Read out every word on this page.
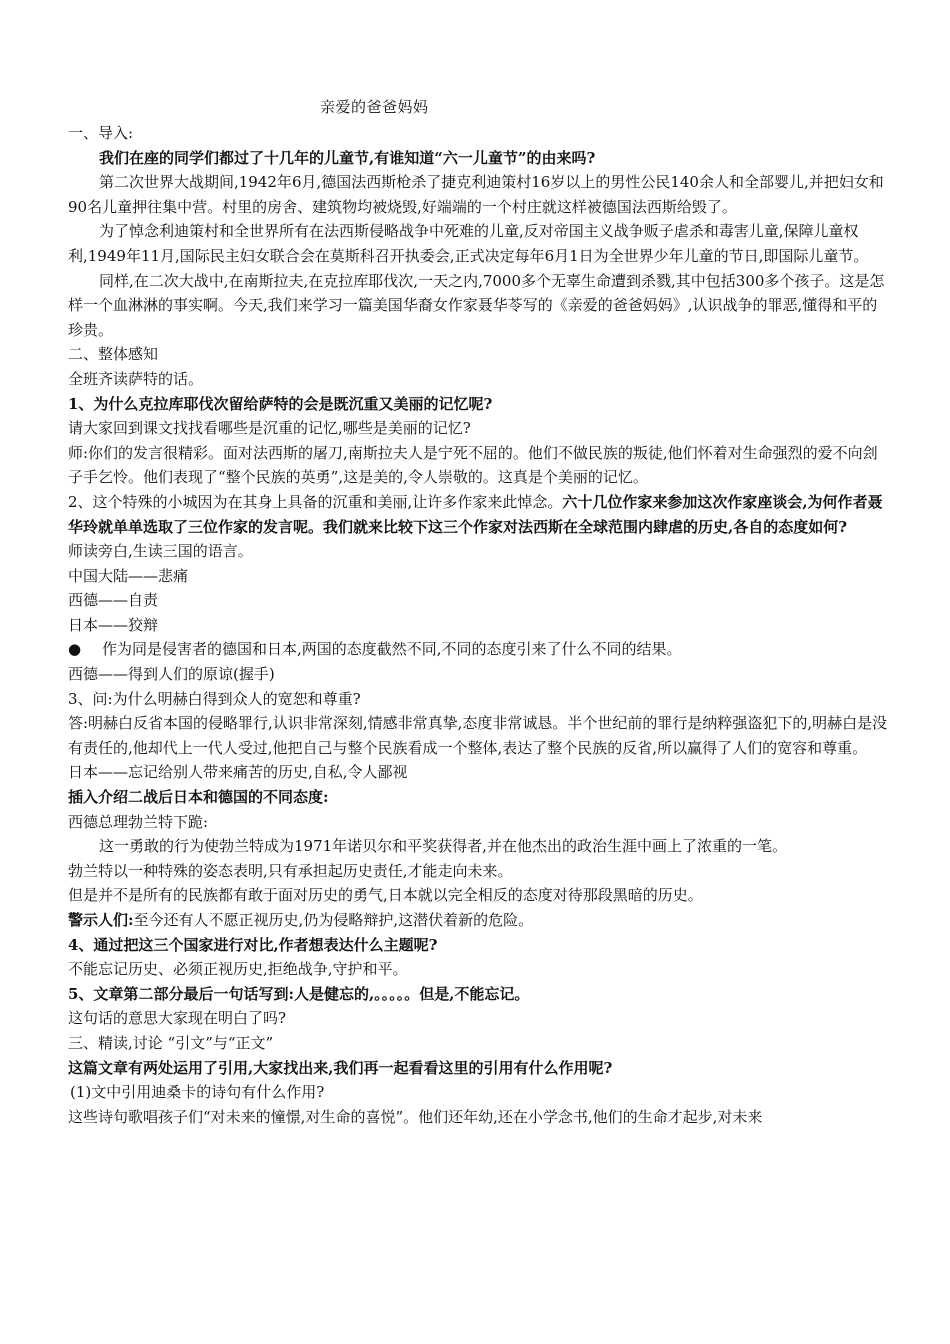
亲爱的爸爸妈妈

一、导入:

我们在座的同学们都过了十几年的儿童节,有谁知道“六一儿童节”的由来吗?

第二次世界大战期间,1942年6月,德国法西斯枪杀了捷克利迪策村16岁以上的男性公民140余人和全部婴儿,并把妇女和90名儿童押往集中营。村里的房舍、建筑物均被烧毁,好端端的一个村庄就这样被德国法西斯给毁了。

为了悼念利迪策村和全世界所有在法西斯侵略战争中死难的儿童,反对帝国主义战争贩子虐杀和毒害儿童,保障儿童权利,1949年11月,国际民主妇女联合会在莫斯科召开执委会,正式决定每年6月1日为全世界少年儿童的节日,即国际儿童节。

同样,在二次大战中,在南斯拉夫,在克拉库耶伐次,一天之内,7000多个无辜生命遭到杀戮,其中包括300多个孩子。这是怎样一个血淋淋的事实啊。今天,我们来学习一篇美国华裔女作家聂华苓写的《亲爱的爸爸妈妈》,认识战争的罪恶,懂得和平的珍贵。

二、整体感知

全班齐读萨特的话。

1、为什么克拉库耶伐次留给萨特的会是既沉重又美丽的记忆呢?

请大家回到课文找找看哪些是沉重的记忆,哪些是美丽的记忆?

师:你们的发言很精彩。面对法西斯的屠刀,南斯拉夫人是宁死不屈的。他们不做民族的叛徒,他们怀着对生命强烈的爱不向刽子手乞怜。他们表现了“整个民族的英勇”,这是美的,令人崇敬的。这真是个美丽的记忆。

2、这个特殊的小城因为在其身上具备的沉重和美丽,让许多作家来此悼念。六十几位作家来参加这次作家座谈会,为何作者聂华玲就单单选取了三位作家的发言呢。我们就来比较下这三个作家对法西斯在全球范围内肆虐的历史,各自的态度如何?

师读旁白,生读三国的语言。

中国大陆——悲痛

西德——自责

日本——狡辩

● 作为同是侵害者的德国和日本,两国的态度截然不同,不同的态度引来了什么不同的结果。

西德——得到人们的原谅(握手)

3、问:为什么明赫白得到众人的宽恕和尊重?

答:明赫白反省本国的侵略罪行,认识非常深刻,情感非常真挚,态度非常诚恳。半个世纪前的罪行是纳粹强盗犯下的,明赫白是没有责任的,他却代上一代人受过,他把自己与整个民族看成一个整体,表达了整个民族的反省,所以赢得了人们的宽容和尊重。

日本——忘记给别人带来痛苦的历史,自私,令人鄙视

插入介绍二战后日本和德国的不同态度:

西德总理勃兰特下跪:

这一勇敢的行为使勃兰特成为1971年诺贝尔和平奖获得者,并在他杰出的政治生涯中画上了浓重的一笔。

勃兰特以一种特殊的姿态表明,只有承担起历史责任,才能走向未来。

但是并不是所有的民族都有敢于面对历史的勇气,日本就以完全相反的态度对待那段黑暗的历史。

警示人们:至今还有人不愿正视历史,仍为侵略辩护,这潜伏着新的危险。

4、通过把这三个国家进行对比,作者想表达什么主题呢?

不能忘记历史、必须正视历史,拒绝战争,守护和平。

5、文章第二部分最后一句话写到:人是健忘的,。。。。。但是,不能忘记。

这句话的意思大家现在明白了吗?

三、精读,讨论 “引文”与“正文”

这篇文章有两处运用了引用,大家找出来,我们再一起看看这里的引用有什么作用呢?

(1)文中引用迪桑卡的诗句有什么作用?

这些诗句歌唱孩子们“对未来的憧憬,对生命的喜悦”。他们还年幼,还在小学念书,他们的生命才起步,对未来
